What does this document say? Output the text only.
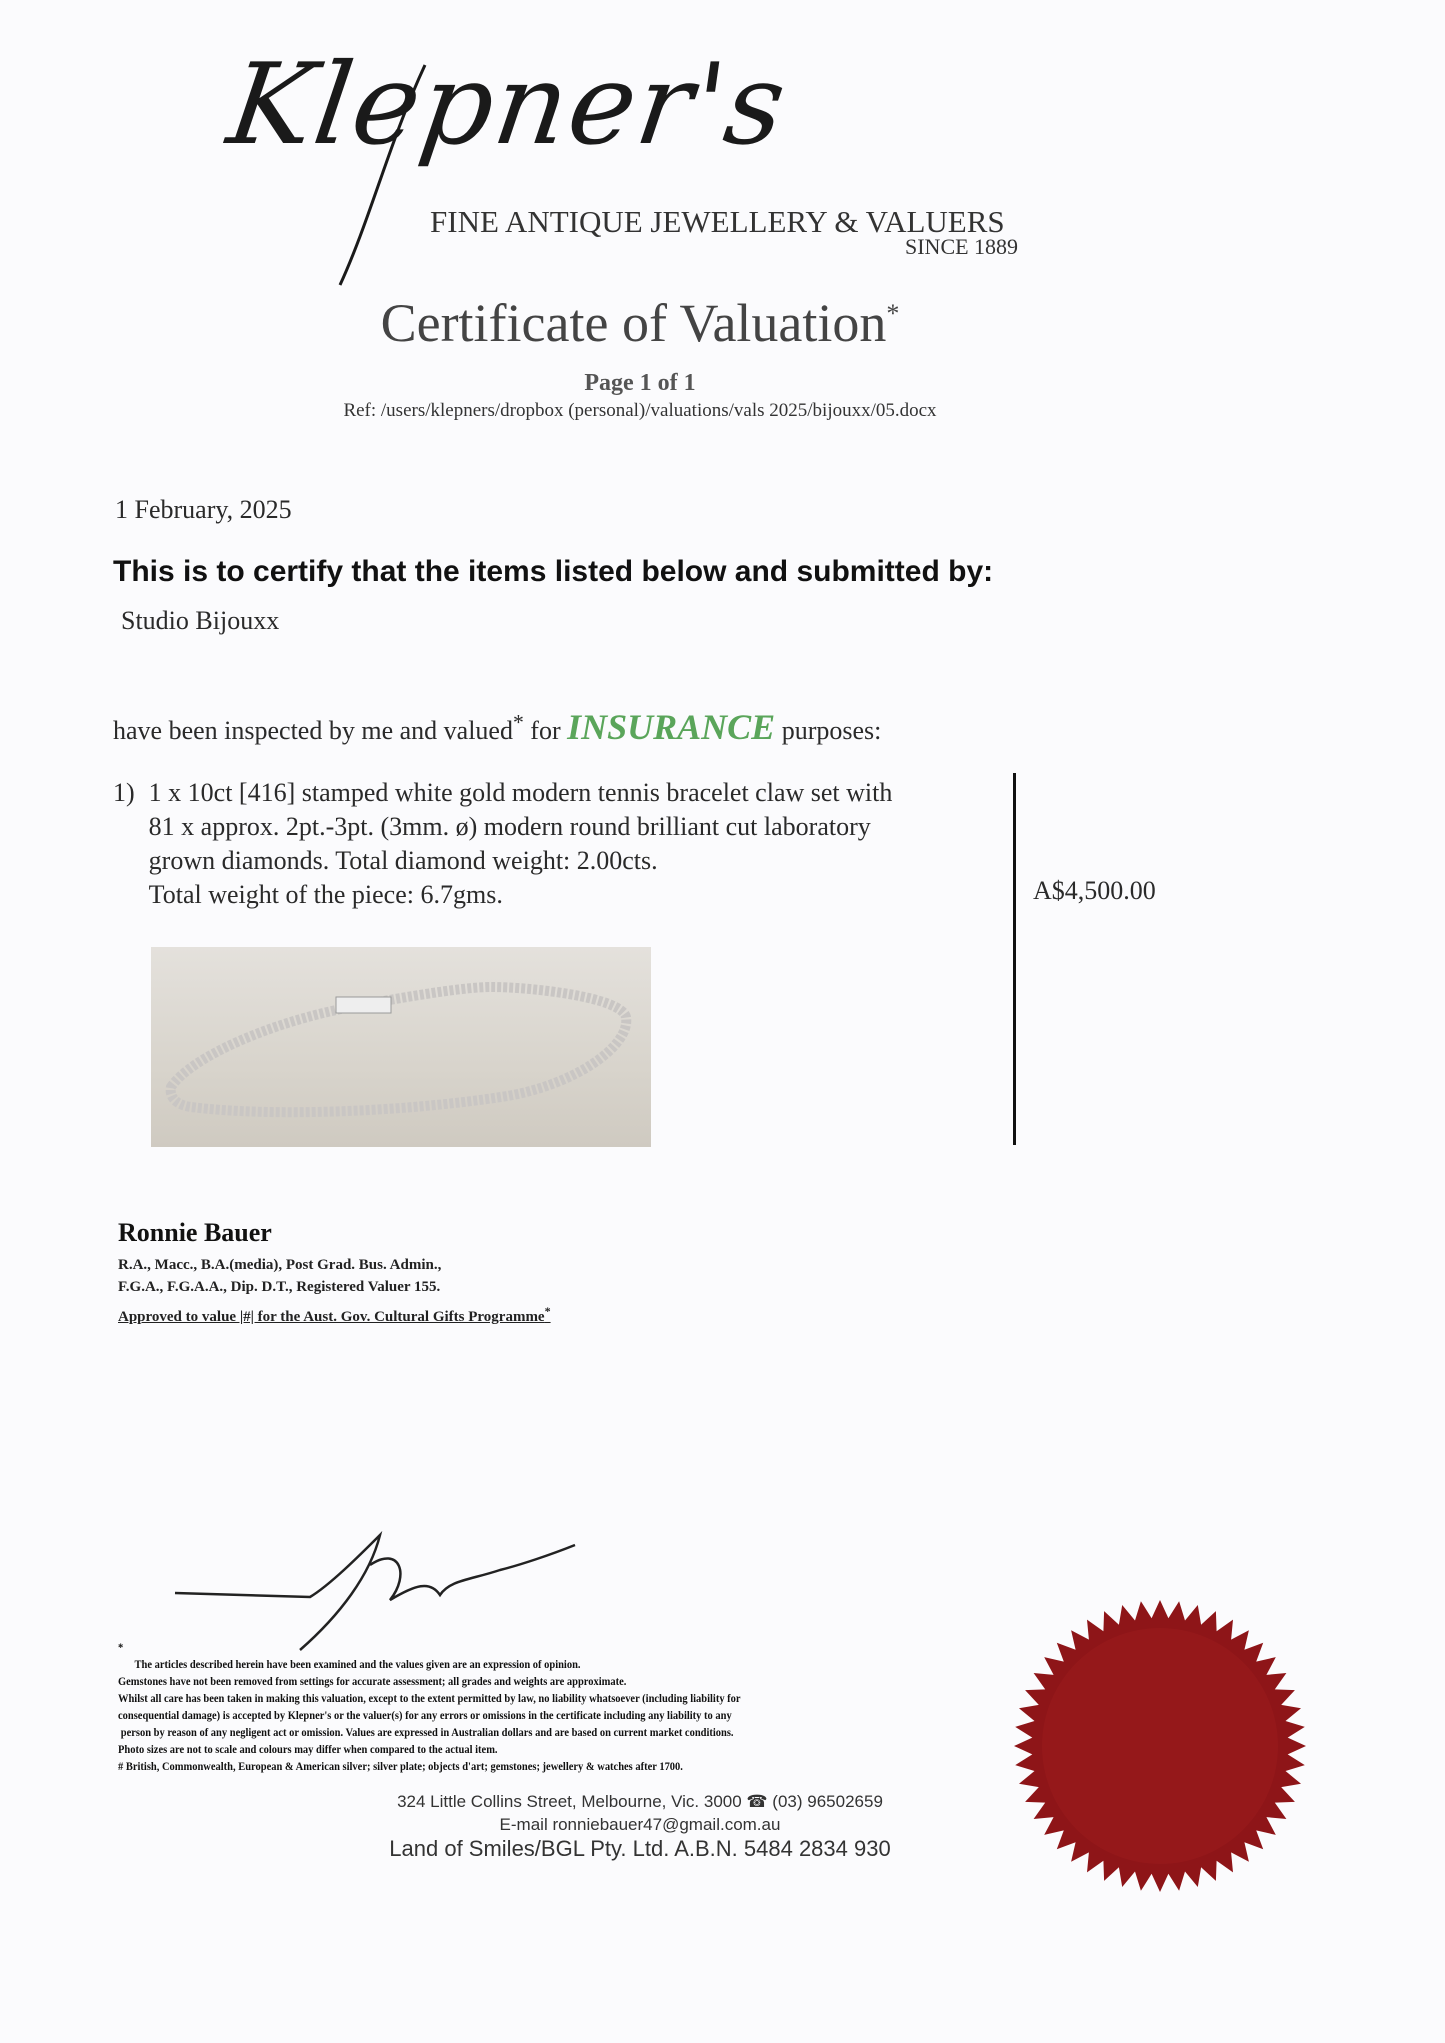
Klepner's
FINE ANTIQUE JEWELLERY & VALUERS
SINCE 1889
Certificate of Valuation*
Page 1 of 1
Ref: /users/klepners/dropbox (personal)/valuations/vals 2025/bijouxx/05.docx
1 February, 2025
This is to certify that the items listed below and submitted by:
Studio Bijouxx
have been inspected by me and valued* for INSURANCE purposes:
1) 1 x 10ct [416] stamped white gold modern tennis bracelet claw set with
81 x approx. 2pt.-3pt. (3mm. ø) modern round brilliant cut laboratory
grown diamonds. Total diamond weight: 2.00cts.
Total weight of the piece: 6.7gms.	A$4,500.00
Ronnie Bauer
R.A., Macc., B.A.(media), Post Grad. Bus. Admin.,
F.G.A., F.G.A.A., Dip. D.T., Registered Valuer 155.
Approved to value |#| for the Aust. Gov. Cultural Gifts Programme*
*
The articles described herein have been examined and the values given are an expression of opinion.
Gemstones have not been removed from settings for accurate assessment; all grades and weights are approximate.
Whilst all care has been taken in making this valuation, except to the extent permitted by law, no liability whatsoever (including liability for
consequential damage) is accepted by Klepner's or the valuer(s) for any errors or omissions in the certificate including any liability to any
person by reason of any negligent act or omission. Values are expressed in Australian dollars and are based on current market conditions.
Photo sizes are not to scale and colours may differ when compared to the actual item.
# British, Commonwealth, European & American silver; silver plate; objects d'art; gemstones; jewellery & watches after 1700.
324 Little Collins Street, Melbourne, Vic. 3000 ☎ (03) 96502659
E-mail ronniebauer47@gmail.com.au
Land of Smiles/BGL Pty. Ltd. A.B.N. 5484 2834 930
